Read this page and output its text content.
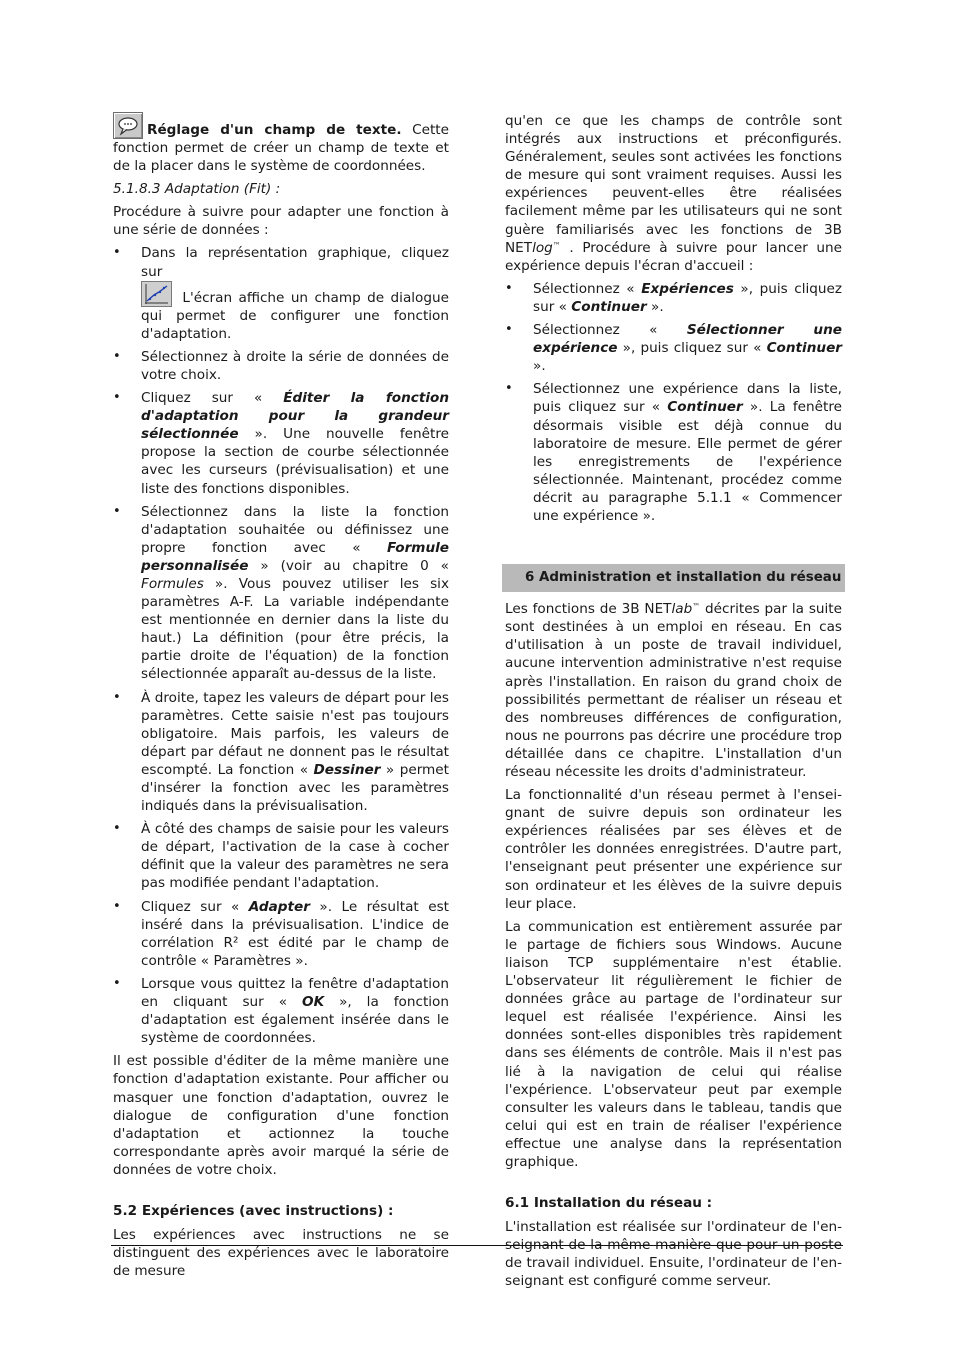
Réglage d'un champ de texte. Cette fonction permet de créer un champ de texte et de la placer dans le système de coordonnées.

5.1.8.3 Adaptation (Fit) :

Procédure à suivre pour adapter une fonction à une série de données :

• Dans la représentation graphique, cliquez sur
L'écran affiche un champ de dialogue qui permet de configurer une fonction d'adaptation.
• Sélectionnez à droite la série de données de votre choix.
• Cliquez sur « Éditer la fonction d'adaptation pour la grandeur sélectionnée ». Une nouvelle fenêtre propose la section de courbe sélectionnée avec les curseurs (prévisualisation) et une liste des fonctions disponibles.
• Sélectionnez dans la liste la fonction d'adaptation souhaitée ou définissez une propre fonction avec « Formule personnalisée » (voir au chapitre 0 « Formules ». Vous pouvez utiliser les six paramètres A-F. La variable indépendante est mentionnée en dernier dans la liste du haut.) La définition (pour être précis, la partie droite de l'équation) de la fonction sélectionnée apparaît au-dessus de la liste.
• À droite, tapez les valeurs de départ pour les paramètres. Cette saisie n'est pas toujours obligatoire. Mais parfois, les valeurs de départ par défaut ne donnent pas le résultat escompté. La fonction « Dessiner » permet d'insérer la fonction avec les paramètres indiqués dans la prévisualisation.
• À côté des champs de saisie pour les valeurs de départ, l'activation de la case à cocher définit que la valeur des paramètres ne sera pas modifiée pendant l'adaptation.
• Cliquez sur « Adapter ». Le résultat est inséré dans la prévisualisation. L'indice de corrélation R² est édité par le champ de contrôle « Paramètres ».
• Lorsque vous quittez la fenêtre d'adaptation en cliquant sur « OK », la fonction d'adaptation est également insérée dans le système de coordonnées.

Il est possible d'éditer de la même manière une fonction d'adaptation existante. Pour afficher ou masquer une fonction d'adaptation, ouvrez le dialogue de configuration d'une fonction d'adaptation et actionnez la touche correspondante après avoir marqué la série de données de votre choix.

5.2 Expériences (avec instructions) :

Les expériences avec instructions ne se distinguent des expériences avec le laboratoire de mesure

qu'en ce que les champs de contrôle sont intégrés aux instructions et préconfigurés. Généralement, seules sont activées les fonctions de mesure qui sont vraiment requises. Aussi les expériences peuvent-elles être réalisées facilement même par les utilisateurs qui ne sont guère familiarisés avec les fonctions de 3B NETlog™ . Procédure à suivre pour lancer une expérience depuis l'écran d'accueil :

• Sélectionnez « Expériences », puis cliquez sur « Continuer ».
• Sélectionnez « Sélectionner une expérience », puis cliquez sur « Continuer ».
• Sélectionnez une expérience dans la liste, puis cliquez sur « Continuer ». La fenêtre désormais visible est déjà connue du laboratoire de mesure. Elle permet de gérer les enregistrements de l'expérience sélectionnée. Maintenant, procédez comme décrit au paragraphe 5.1.1 « Commencer une expérience ».
6 Administration et installation du réseau

Les fonctions de 3B NETlab™ décrites par la suite sont destinées à un emploi en réseau. En cas d'utilisation à un poste de travail individuel, aucune intervention administrative n'est requise après l'installation. En raison du grand choix de possibilités permettant de réaliser un réseau et des nombreuses différences de configuration, nous ne pourrons pas décrire une procédure trop détaillée dans ce chapitre. L'installation d'un réseau nécessite les droits d'administrateur.

La fonctionnalité d'un réseau permet à l'enseignant de suivre depuis son ordinateur les expériences réalisées par ses élèves et de contrôler les données enregistrées. D'autre part, l'enseignant peut présenter une expérience sur son ordinateur et les élèves de la suivre depuis leur place.

La communication est entièrement assurée par le partage de fichiers sous Windows. Aucune liaison TCP supplémentaire n'est établie. L'observateur lit régulièrement le fichier de données grâce au partage de l'ordinateur sur lequel est réalisée l'expérience. Ainsi les données sont-elles disponibles très rapidement dans ses éléments de contrôle. Mais il n'est pas lié à la navigation de celui qui réalise l'expérience. L'observateur peut par exemple consulter les valeurs dans le tableau, tandis que celui qui est en train de réaliser l'expérience effectue une analyse dans la représentation graphique.

6.1 Installation du réseau :

L'installation est réalisée sur l'ordinateur de l'enseignant de la même manière que pour un poste de travail individuel. Ensuite, l'ordinateur de l'enseignant est configuré comme serveur.
